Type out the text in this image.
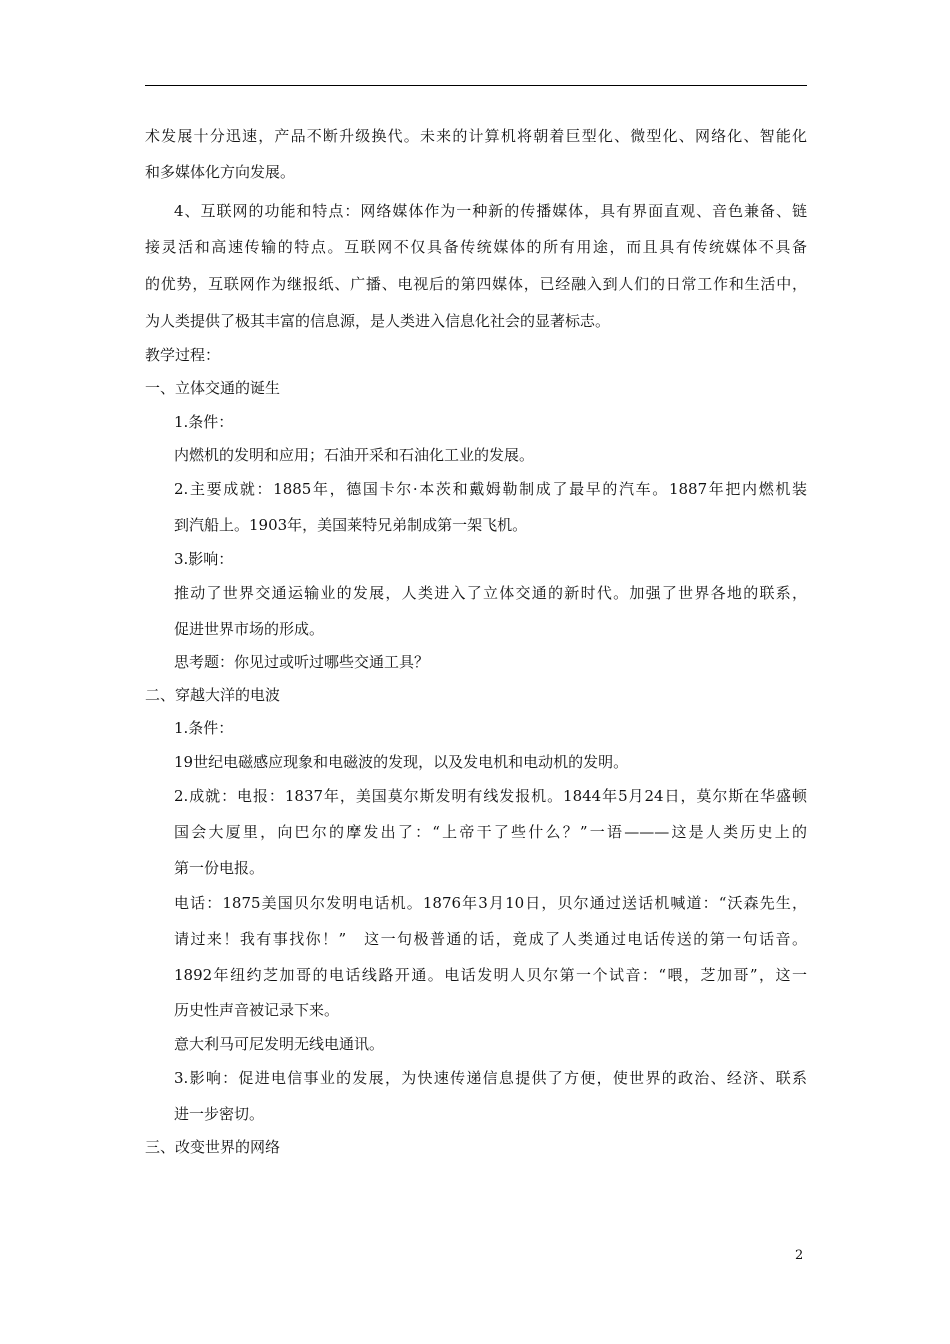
术发展十分迅速，产品不断升级换代。未来的计算机将朝着巨型化、微型化、网络化、智能化
和多媒体化方向发展。
4、互联网的功能和特点：网络媒体作为一种新的传播媒体，具有界面直观、音色兼备、链
接灵活和高速传输的特点。互联网不仅具备传统媒体的所有用途，而且具有传统媒体不具备
的优势，互联网作为继报纸、广播、电视后的第四媒体，已经融入到人们的日常工作和生活中，
为人类提供了极其丰富的信息源，是人类进入信息化社会的显著标志。
教学过程：
一、立体交通的诞生
1.条件：
内燃机的发明和应用；石油开采和石油化工业的发展。
2.主要成就：1885年，德国卡尔·本茨和戴姆勒制成了最早的汽车。1887年把内燃机装
到汽船上。1903年，美国莱特兄弟制成第一架飞机。
3.影响：
推动了世界交通运输业的发展，人类进入了立体交通的新时代。加强了世界各地的联系，
促进世界市场的形成。
思考题：你见过或听过哪些交通工具？
二、穿越大洋的电波
1.条件：
19世纪电磁感应现象和电磁波的发现，以及发电机和电动机的发明。
2.成就：电报：1837年，美国莫尔斯发明有线发报机。1844年5月24日，莫尔斯在华盛顿
国会大厦里，向巴尔的摩发出了：“上帝干了些什么？”一语———这是人类历史上的
第一份电报。
电话：1875美国贝尔发明电话机。1876年3月10日，贝尔通过送话机喊道：“沃森先生，
请过来！我有事找你！”　这一句极普通的话，竟成了人类通过电话传送的第一句话音。
1892年纽约芝加哥的电话线路开通。电话发明人贝尔第一个试音：“喂，芝加哥”，这一
历史性声音被记录下来。
意大利马可尼发明无线电通讯。
3.影响：促进电信事业的发展，为快速传递信息提供了方便，使世界的政治、经济、联系
进一步密切。
三、改变世界的网络
2
